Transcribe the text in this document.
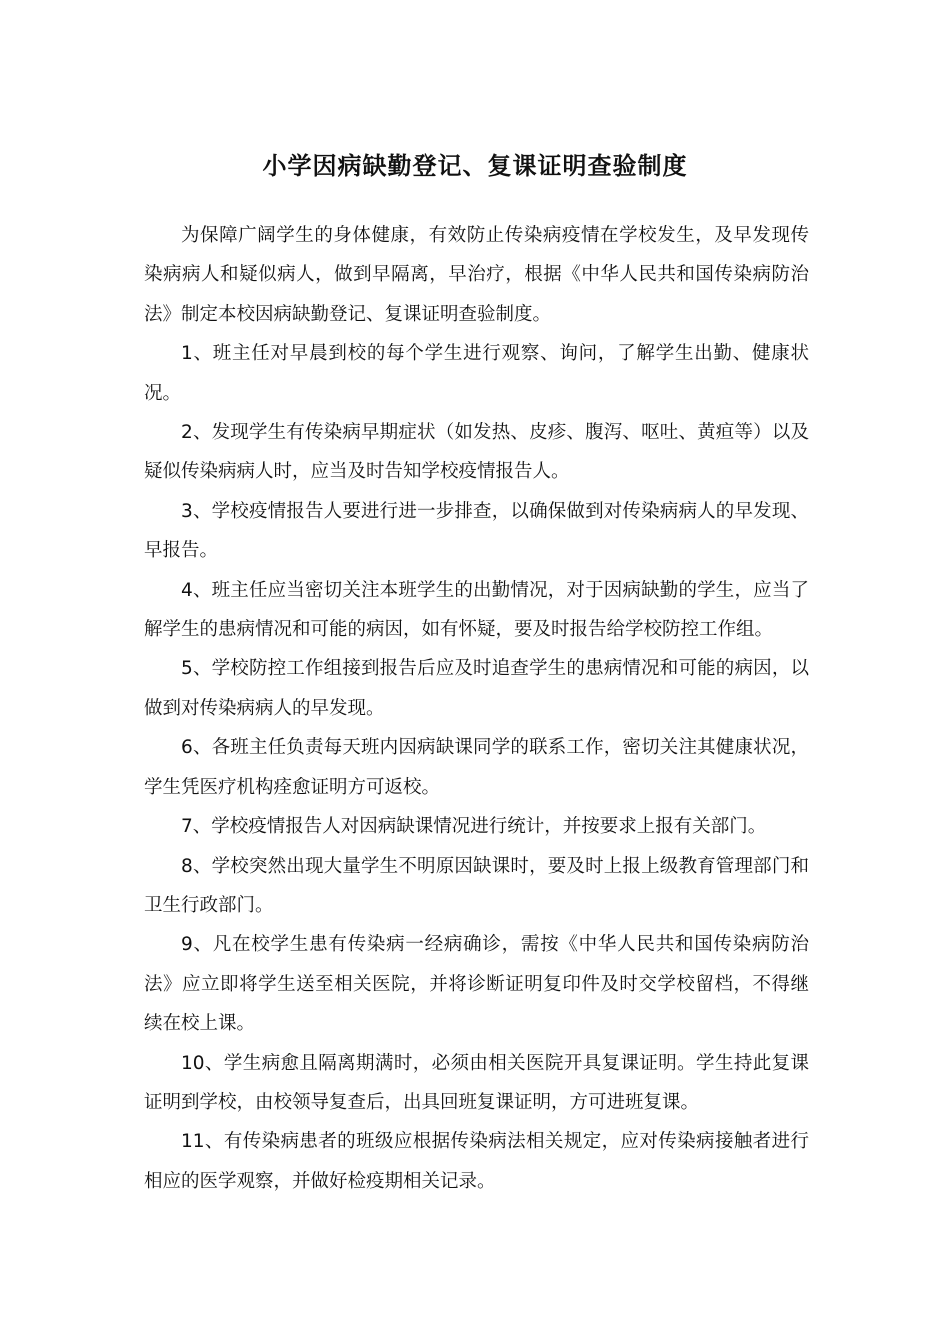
小学因病缺勤登记、复课证明查验制度

为保障广阔学生的身体健康，有效防止传染病疫情在学校发生，及早发现传染病病人和疑似病人，做到早隔离，早治疗，根据《中华人民共和国传染病防治法》制定本校因病缺勤登记、复课证明查验制度。

1、班主任对早晨到校的每个学生进行观察、询问，了解学生出勤、健康状况。

2、发现学生有传染病早期症状（如发热、皮疹、腹泻、呕吐、黄疸等）以及疑似传染病病人时，应当及时告知学校疫情报告人。

3、学校疫情报告人要进行进一步排查，以确保做到对传染病病人的早发现、早报告。

4、班主任应当密切关注本班学生的出勤情况，对于因病缺勤的学生，应当了解学生的患病情况和可能的病因，如有怀疑，要及时报告给学校防控工作组。

5、学校防控工作组接到报告后应及时追查学生的患病情况和可能的病因，以做到对传染病病人的早发现。

6、各班主任负责每天班内因病缺课同学的联系工作，密切关注其健康状况，学生凭医疗机构痊愈证明方可返校。

7、学校疫情报告人对因病缺课情况进行统计，并按要求上报有关部门。

8、学校突然出现大量学生不明原因缺课时，要及时上报上级教育管理部门和卫生行政部门。

9、凡在校学生患有传染病一经病确诊，需按《中华人民共和国传染病防治法》应立即将学生送至相关医院，并将诊断证明复印件及时交学校留档，不得继续在校上课。

10、学生病愈且隔离期满时，必须由相关医院开具复课证明。学生持此复课证明到学校，由校领导复查后，出具回班复课证明，方可进班复课。

11、有传染病患者的班级应根据传染病法相关规定，应对传染病接触者进行相应的医学观察，并做好检疫期相关记录。
